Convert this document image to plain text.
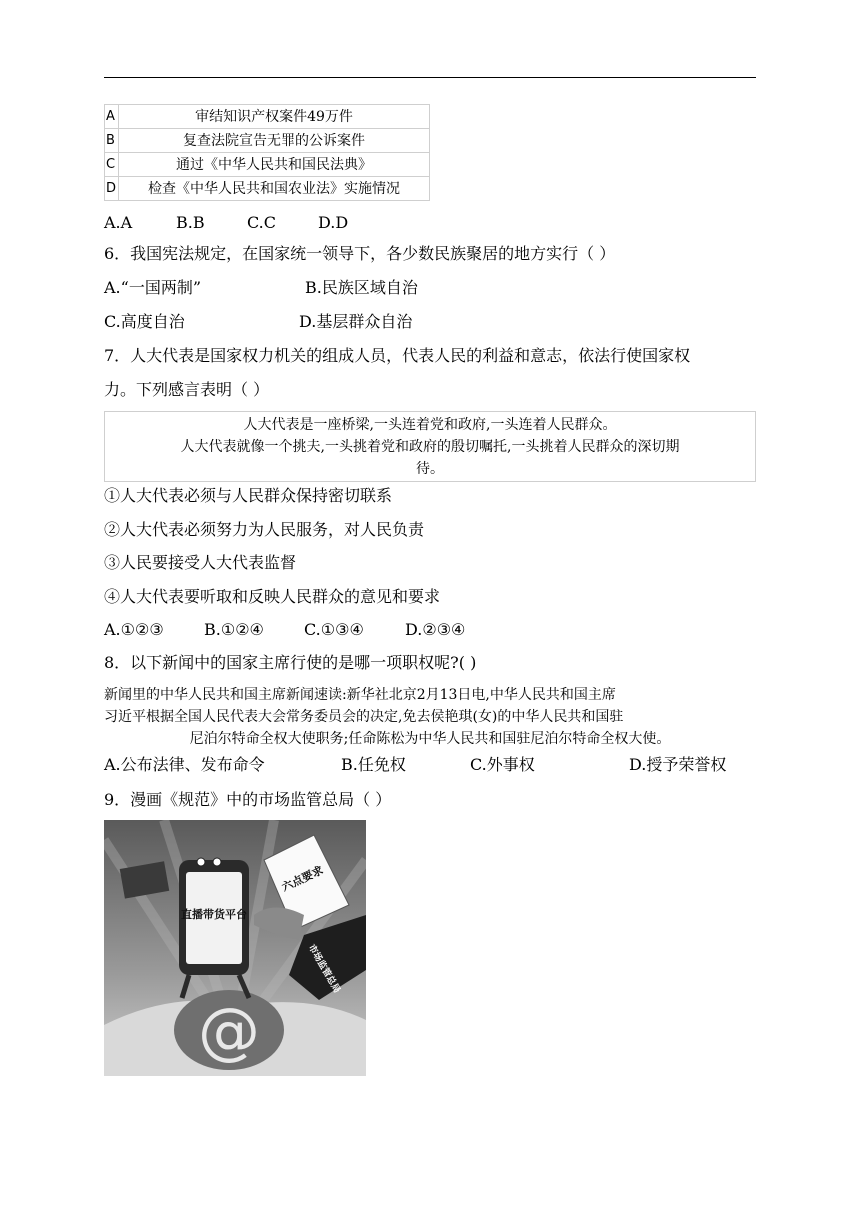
A	审结知识产权案件49万件
B	复查法院宣告无罪的公诉案件
C	通过《中华人民共和国民法典》
D	检查《中华人民共和国农业法》实施情况
A.A	B.B	C.C	D.D
6．我国宪法规定，在国家统一领导下，各少数民族聚居的地方实行（ ）
A.“一国两制”	B.民族区域自治
C.高度自治	D.基层群众自治
7．人大代表是国家权力机关的组成人员，代表人民的利益和意志，依法行使国家权
力。下列感言表明（ ）
人大代表是一座桥梁,一头连着党和政府,一头连着人民群众。
人大代表就像一个挑夫,一头挑着党和政府的殷切嘱托,一头挑着人民群众的深切期
待。
①人大代表必须与人民群众保持密切联系
②人大代表必须努力为人民服务，对人民负责
③人民要接受人大代表监督
④人大代表要听取和反映人民群众的意见和要求
A.①②③	B.①②④	C.①③④	D.②③④
8．以下新闻中的国家主席行使的是哪一项职权呢?( )
新闻里的中华人民共和国主席新闻速读:新华社北京2月13日电,中华人民共和国主席
习近平根据全国人民代表大会常务委员会的决定,免去侯艳琪(女)的中华人民共和国驻
尼泊尔特命全权大使职务;任命陈松为中华人民共和国驻尼泊尔特命全权大使。
A.公布法律、发布命令	B.任免权	C.外事权	D.授予荣誉权
9．漫画《规范》中的市场监管总局（ ）
@
直播带货平台
六点要求
市场监管总局
